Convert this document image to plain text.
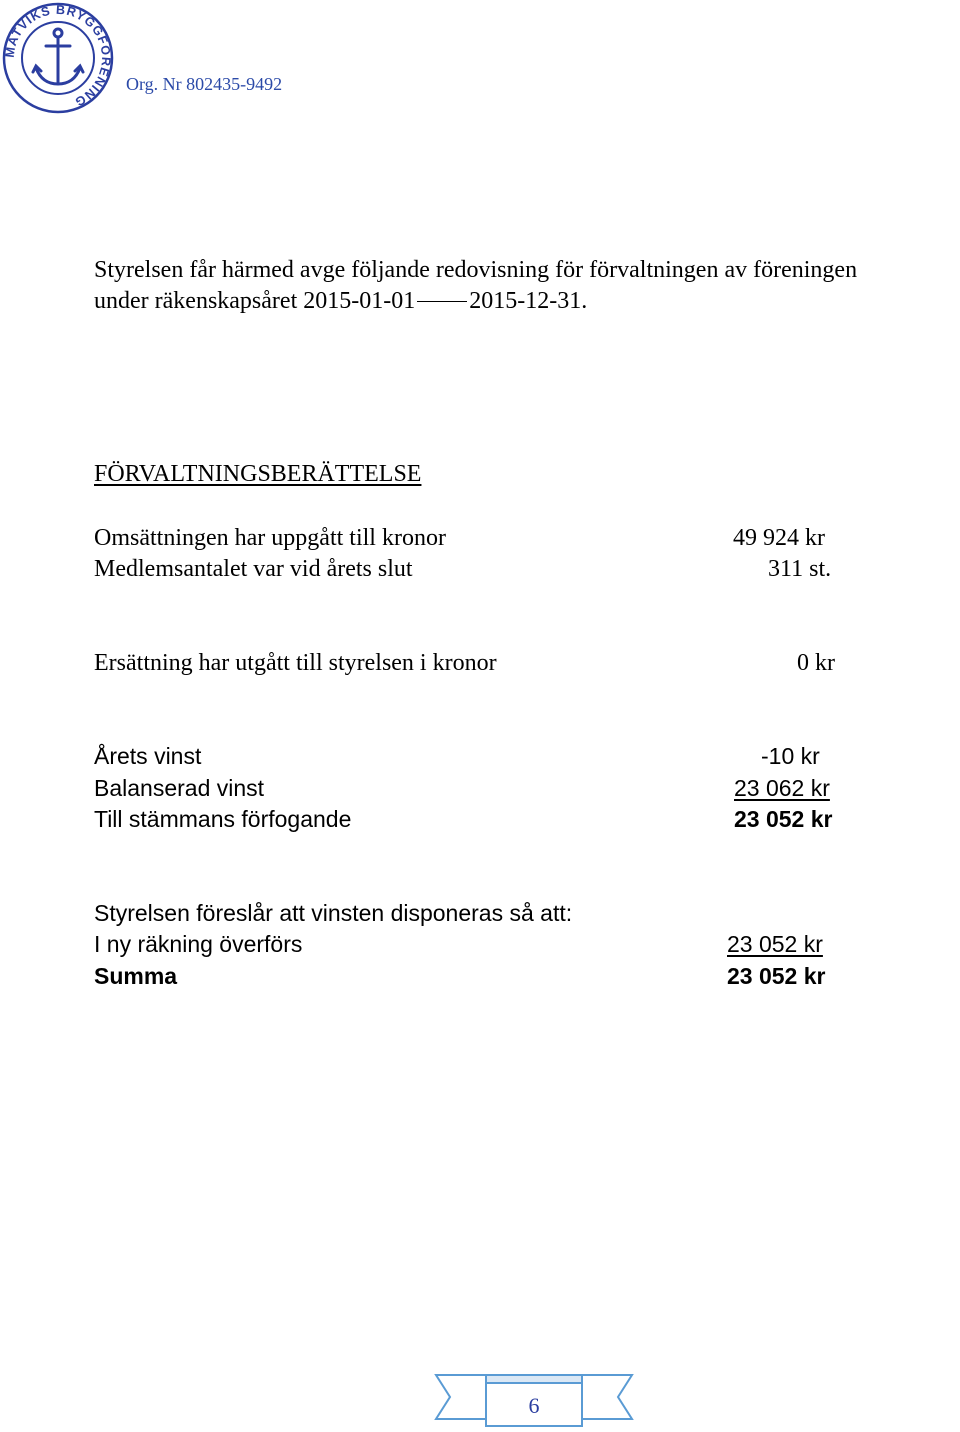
MATVIKS BRYGGFÖRENING
Org. Nr 802435-9492
Styrelsen får härmed avge följande redovisning för förvaltningen av föreningen
under räkenskapsåret 2015-01-01 2015-12-31.
FÖRVALTNINGSBERÄTTELSE
Omsättningen har uppgått till kronor	49 924 kr
Medlemsantalet var vid årets slut	311 st.
Ersättning har utgått till styrelsen i kronor	0 kr
Årets vinst	-10 kr
Balanserad vinst	23 062 kr
Till stämmans förfogande	23 052 kr
Styrelsen föreslår att vinsten disponeras så att:
I ny räkning överförs	23 052 kr
Summa	23 052 kr
6
